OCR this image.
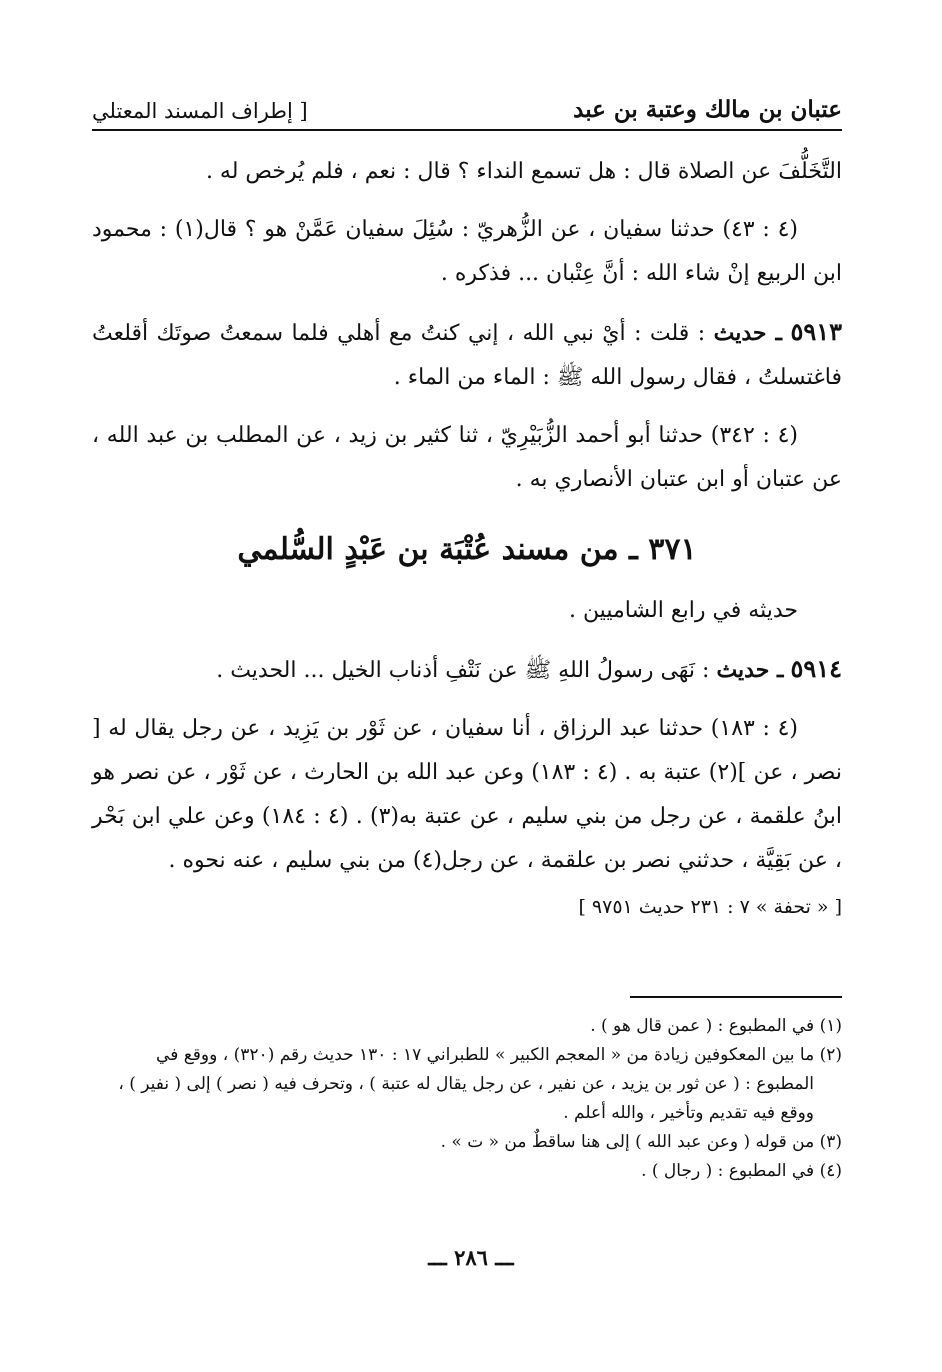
عتبان بن مالك وعتبة بن عبد
[ إطراف المسند المعتلي

التَّخَلُّفَ عن الصلاة قال : هل تسمع النداء ؟ قال : نعم ، فلم يُرخص له .

(٤ : ٤٣) حدثنا سفيان ، عن الزُّهريّ : سُئِلَ سفيان عَمَّنْ هو ؟ قال(١) : محمود ابن الربيع إنْ شاء الله : أنَّ عِتْبان ... فذكره .

٥٩١٣ ـ حديث : قلت : أيْ نبي الله ، إني كنتُ مع أهلي فلما سمعتُ صوتَك أقلعتُ فاغتسلتُ ، فقال رسول الله ﷺ : الماء من الماء .

(٤ : ٣٤٢) حدثنا أبو أحمد الزُّبَيْرِيّ ، ثنا كثير بن زيد ، عن المطلب بن عبد الله ، عن عتبان أو ابن عتبان الأنصاري به .

٣٧١ ـ من مسند عُتْبَة بن عَبْدٍ السُّلمي

حديثه في رابع الشاميين .

٥٩١٤ ـ حديث : نَهَى رسولُ اللهِ ﷺ عن نَتْفِ أذناب الخيل ... الحديث .

(٤ : ١٨٣) حدثنا عبد الرزاق ، أنا سفيان ، عن ثَوْر بن يَزِيد ، عن رجل يقال له [ نصر ، عن ](٢) عتبة به . (٤ : ١٨٣) وعن عبد الله بن الحارث ، عن ثَوْر ، عن نصر هو ابنُ علقمة ، عن رجل من بني سليم ، عن عتبة به(٣) . (٤ : ١٨٤) وعن علي ابن بَحْر ، عن بَقِيَّة ، حدثني نصر بن علقمة ، عن رجل(٤) من بني سليم ، عنه نحوه .

[ « تحفة » ٧ : ٢٣١ حديث ٩٧٥١ ]

(١) في المطبوع : ( عمن قال هو ) .

(٢) ما بين المعكوفين زيادة من « المعجم الكبير » للطبراني ١٧ : ١٣٠ حديث رقم (٣٢٠) ، ووقع في

المطبوع : ( عن ثور بن يزيد ، عن نفير ، عن رجل يقال له عتبة ) ، وتحرف فيه ( نصر ) إلى ( نفير ) ،

ووقع فيه تقديم وتأخير ، والله أعلم .

(٣) من قوله ( وعن عبد الله ) إلى هنا ساقطٌ من « ت » .

(٤) في المطبوع : ( رجال ) .

ـــ ٢٨٦ ـــ
